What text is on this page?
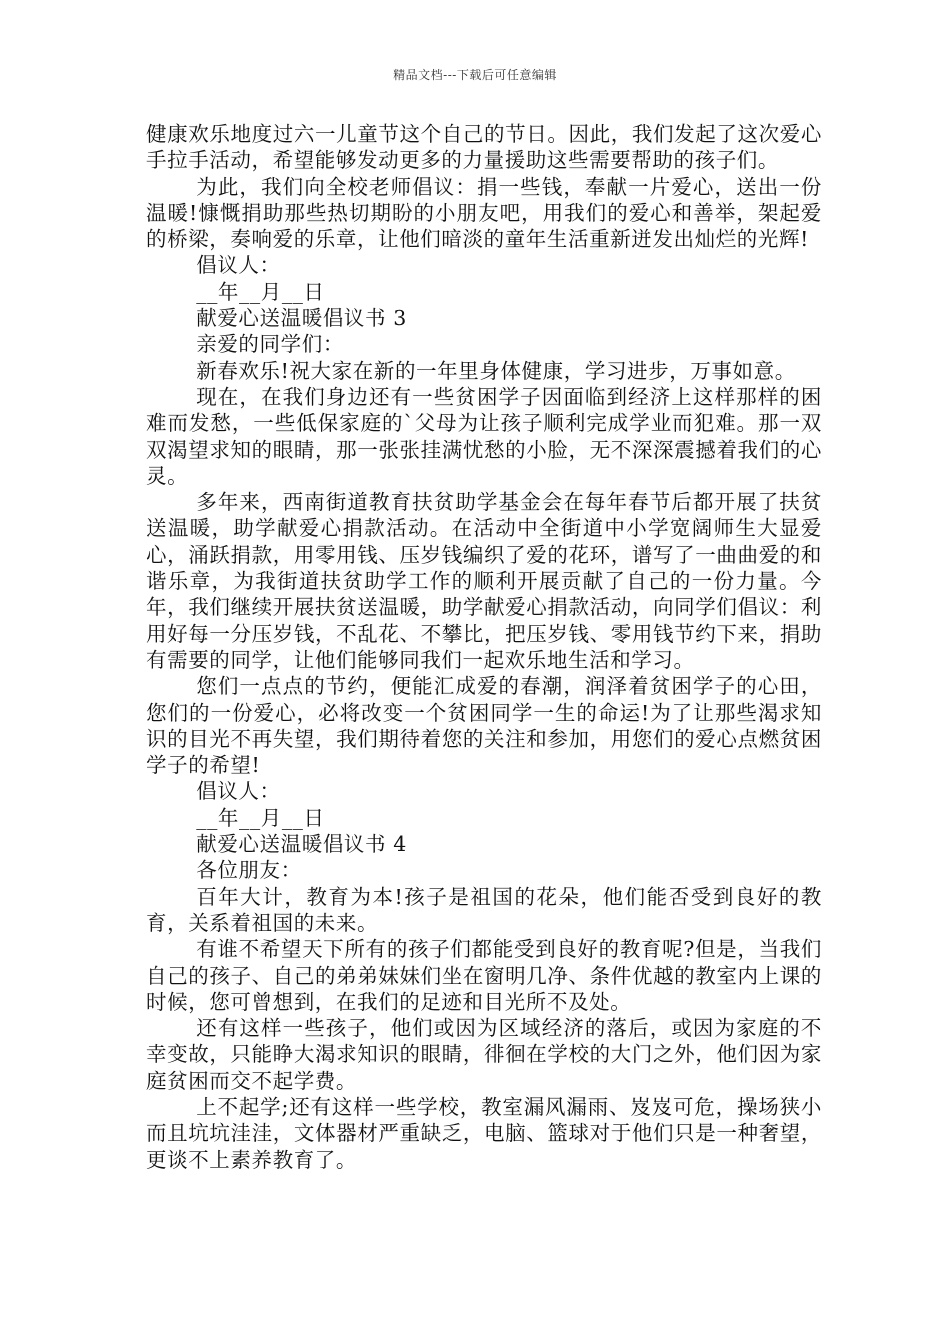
精品文档---下载后可任意编辑

健康欢乐地度过六一儿童节这个自己的节日。因此，我们发起了这次爱心手拉手活动，希望能够发动更多的力量援助这些需要帮助的孩子们。

为此，我们向全校老师倡议：捐一些钱，奉献一片爱心，送出一份温暖!慷慨捐助那些热切期盼的小朋友吧，用我们的爱心和善举，架起爱的桥梁，奏响爱的乐章，让他们暗淡的童年生活重新迸发出灿烂的光辉!

倡议人：

__年__月__日

献爱心送温暖倡议书 3

亲爱的同学们：

新春欢乐!祝大家在新的一年里身体健康，学习进步，万事如意。

现在，在我们身边还有一些贫困学子因面临到经济上这样那样的困难而发愁，一些低保家庭的`父母为让孩子顺利完成学业而犯难。那一双双渴望求知的眼睛，那一张张挂满忧愁的小脸，无不深深震撼着我们的心灵。

多年来，西南街道教育扶贫助学基金会在每年春节后都开展了扶贫送温暖，助学献爱心捐款活动。在活动中全街道中小学宽阔师生大显爱心，涌跃捐款，用零用钱、压岁钱编织了爱的花环，谱写了一曲曲爱的和谐乐章，为我街道扶贫助学工作的顺利开展贡献了自己的一份力量。今年，我们继续开展扶贫送温暖，助学献爱心捐款活动，向同学们倡议：利用好每一分压岁钱，不乱花、不攀比，把压岁钱、零用钱节约下来，捐助有需要的同学，让他们能够同我们一起欢乐地生活和学习。

您们一点点的节约，便能汇成爱的春潮，润泽着贫困学子的心田，您们的一份爱心，必将改变一个贫困同学一生的命运!为了让那些渴求知识的目光不再失望，我们期待着您的关注和参加，用您们的爱心点燃贫困学子的希望!

倡议人：

__年__月__日

献爱心送温暖倡议书 4

各位朋友：

百年大计，教育为本!孩子是祖国的花朵，他们能否受到良好的教育，关系着祖国的未来。

有谁不希望天下所有的孩子们都能受到良好的教育呢?但是，当我们自己的孩子、自己的弟弟妹妹们坐在窗明几净、条件优越的教室内上课的时候，您可曾想到，在我们的足迹和目光所不及处。

还有这样一些孩子，他们或因为区域经济的落后，或因为家庭的不幸变故，只能睁大渴求知识的眼睛，徘徊在学校的大门之外，他们因为家庭贫困而交不起学费。

上不起学;还有这样一些学校，教室漏风漏雨、岌岌可危，操场狭小而且坑坑洼洼，文体器材严重缺乏，电脑、篮球对于他们只是一种奢望，更谈不上素养教育了。
